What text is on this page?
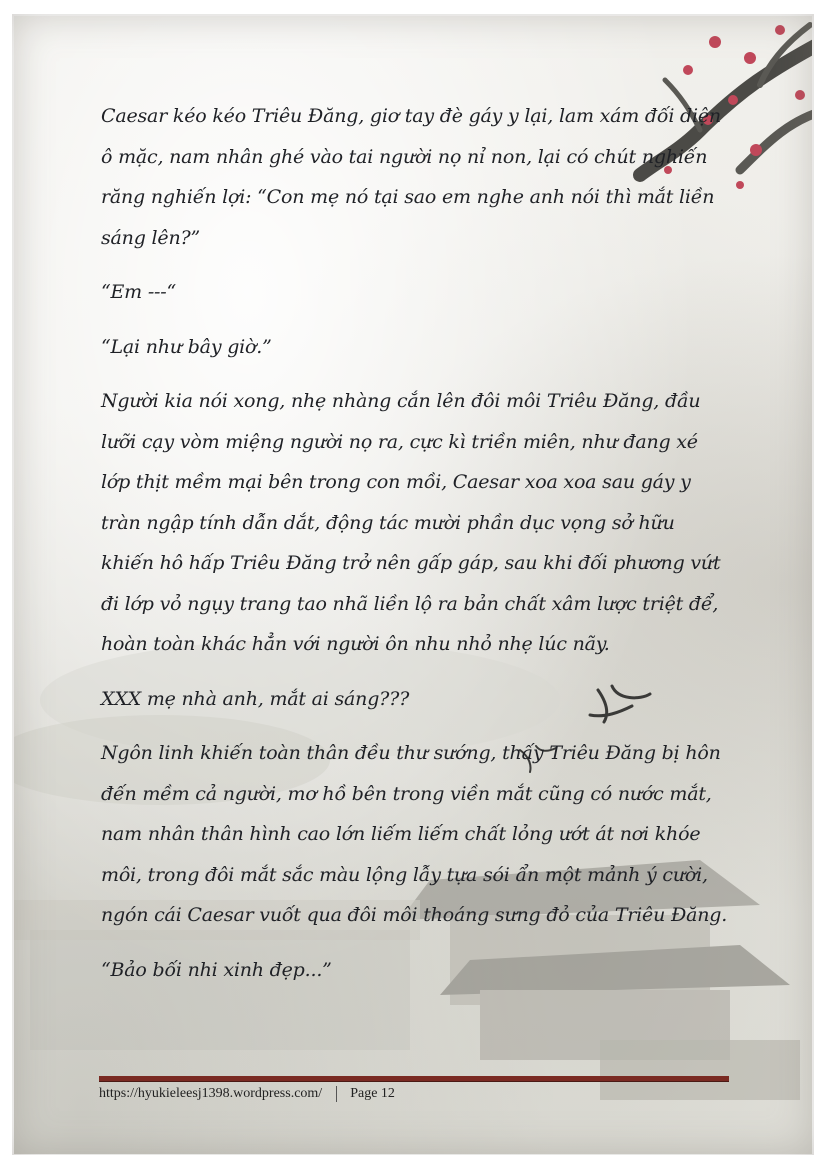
Caesar kéo kéo Triêu Đăng, giơ tay đè gáy y lại, lam xám đối diện ô mặc, nam nhân ghé vào tai người nọ nỉ non, lại có chút nghiến răng nghiến lợi: “Con mẹ nó tại sao em nghe anh nói thì mắt liền sáng lên?”

“Em ---“

“Lại như bây giờ.”

Người kia nói xong, nhẹ nhàng cắn lên đôi môi Triêu Đăng, đầu lưỡi cạy vòm miệng người nọ ra, cực kì triền miên, như đang xé lớp thịt mềm mại bên trong con mồi, Caesar xoa xoa sau gáy y tràn ngập tính dẫn dắt, động tác mười phần dục vọng sở hữu khiến hô hấp Triêu Đăng trở nên gấp gáp, sau khi đối phương vứt đi lớp vỏ ngụy trang tao nhã liền lộ ra bản chất xâm lược triệt để, hoàn toàn khác hẳn với người ôn nhu nhỏ nhẹ lúc nãy.

XXX mẹ nhà anh, mắt ai sáng???

Ngôn linh khiến toàn thân đều thư sướng, thấy Triêu Đăng bị hôn đến mềm cả người, mơ hồ bên trong viền mắt cũng có nước mắt, nam nhân thân hình cao lớn liếm liếm chất lỏng ướt át nơi khóe môi, trong đôi mắt sắc màu lộng lẫy tựa sói ẩn một mảnh ý cười, ngón cái Caesar vuốt qua đôi môi thoáng sưng đỏ của Triêu Đăng.

“Bảo bối nhi xinh đẹp...”

https://hyukieleesj1398.wordpress.com/ Page 12
